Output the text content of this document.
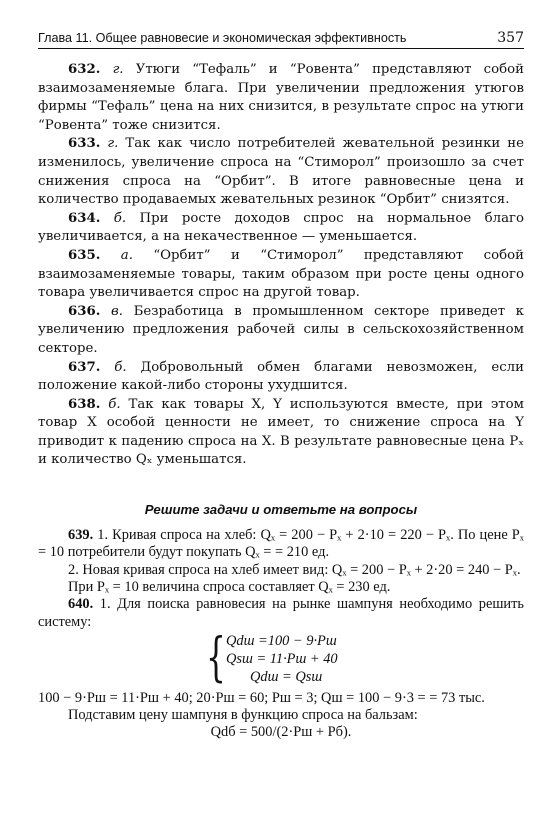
Глава 11. Общее равновесие и экономическая эффективность	357

632. г. Утюги “Тефаль” и “Ровента” представляют собой взаимозаменяемые блага. При увеличении предложения утюгов фирмы “Тефаль” цена на них снизится, в результате спрос на утюги “Ровента” тоже снизится.

633. г. Так как число потребителей жевательной резинки не изменилось, увеличение спроса на “Стиморол” произошло за счет снижения спроса на “Орбит”. В итоге равновесные цена и количество продаваемых жевательных резинок “Орбит” снизятся.

634. б. При росте доходов спрос на нормальное благо увеличивается, а на некачественное — уменьшается.

635. а. “Орбит” и “Стиморол” представляют собой взаимозаменяемые товары, таким образом при росте цены одного товара увеличивается спрос на другой товар.

636. в. Безработица в промышленном секторе приведет к увеличению предложения рабочей силы в сельскохозяйственном секторе.

637. б. Добровольный обмен благами невозможен, если положение какой-либо стороны ухудшится.

638. б. Так как товары X, Y используются вместе, при этом товар X особой ценности не имеет, то снижение спроса на Y приводит к падению спроса на X. В результате равновесные цена Pₓ и количество Qₓ уменьшатся.

Решите задачи и ответьте на вопросы

639. 1. Кривая спроса на хлеб: Qₓ = 200 − Pₓ + 2·10 = 220 − Pₓ. По цене Pₓ = 10 потребители будут покупать Qₓ = = 210 ед.

2. Новая кривая спроса на хлеб имеет вид: Qₓ = 200 − Pₓ + 2·20 = 240 − Pₓ.

При Pₓ = 10 величина спроса составляет Qₓ = 230 ед.

640. 1. Для поиска равновесия на рынке шампуня необходимо решить систему:

{ Qdш =100 − 9·Pш
Qsш = 11·Pш + 40
Qdш = Qsш

100 − 9·Pш = 11·Pш + 40; 20·Pш = 60; Pш = 3; Qш = 100 − 9·3 = = 73 тыс.

Подставим цену шампуня в функцию спроса на бальзам:

Qdб = 500/(2·Pш + Pб).
